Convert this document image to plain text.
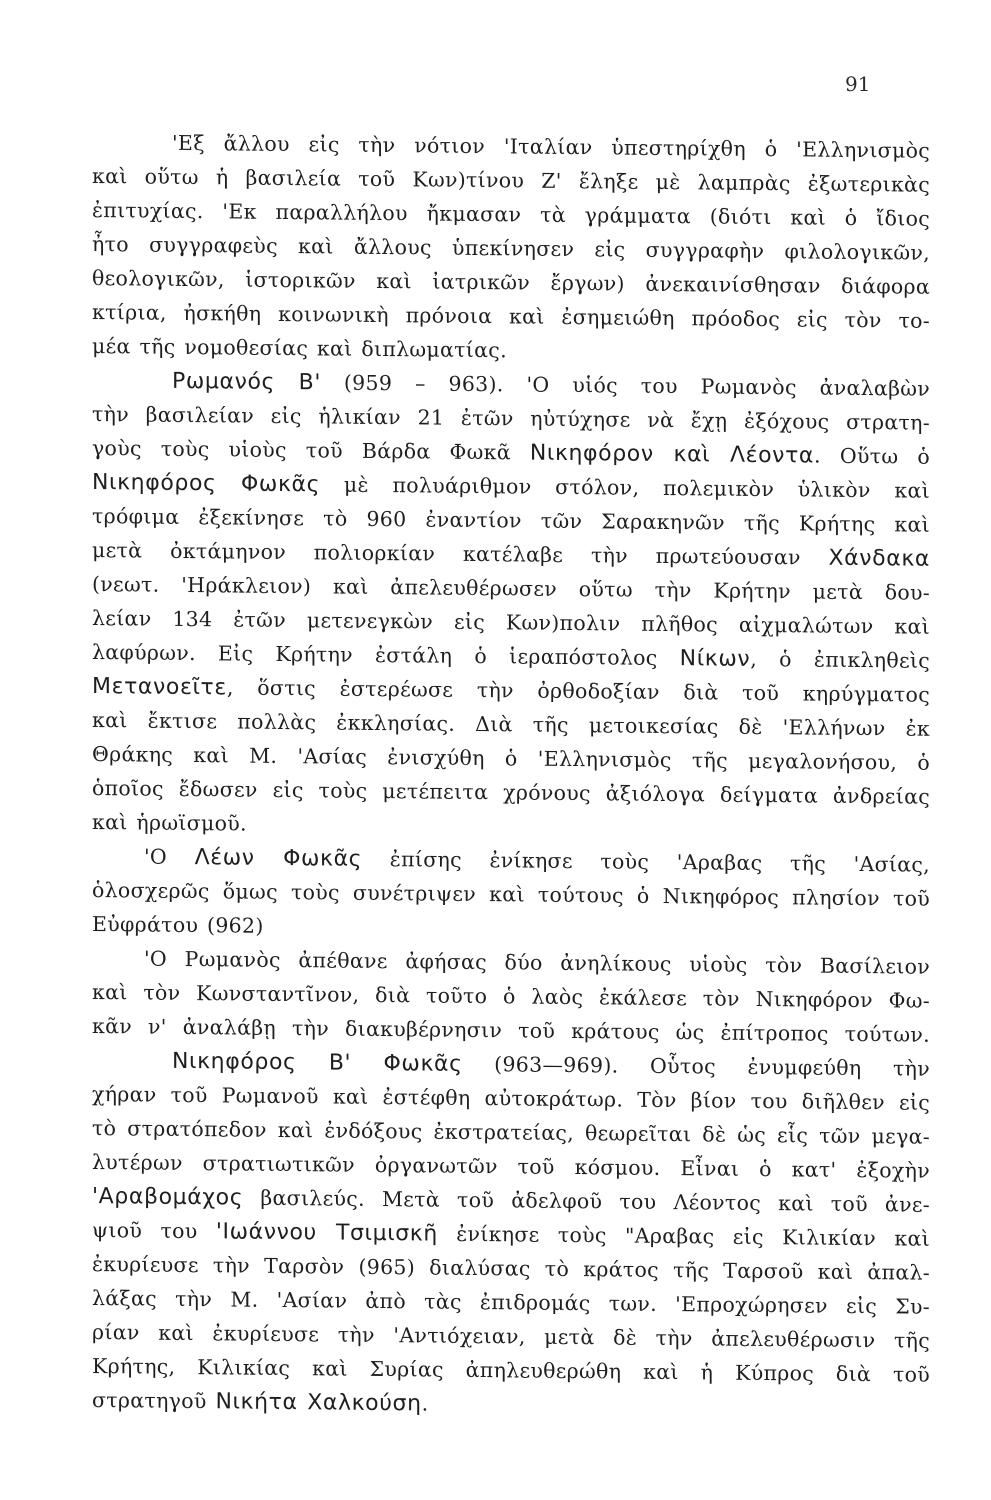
91
'Εξ ἄλλου εἰς τὴν νότιον 'Ιταλίαν ὑπεστηρίχθη ὁ 'Ελληνισμὸς
καὶ οὕτω ἡ βασιλεία τοῦ Κων)τίνου Ζ' ἔληξε μὲ λαμπρὰς ἐξωτερικὰς
ἐπιτυχίας. 'Εκ παραλλήλου ἤκμασαν τὰ γράμματα (διότι καὶ ὁ ἴδιος
ἦτο συγγραφεὺς καὶ ἄλλους ὑπεκίνησεν εἰς συγγραφὴν φιλολογικῶν,
θεολογικῶν, ἱστορικῶν καὶ ἰατρικῶν ἔργων) ἀνεκαινίσθησαν διάφορα
κτίρια, ἠσκήθη κοινωνικὴ πρόνοια καὶ ἐσημειώθη πρόοδος εἰς τὸν το-
μέα τῆς νομοθεσίας καὶ διπλωματίας.
Ρωμανός Β' (959 – 963). 'Ο υἱός του Ρωμανὸς ἀναλαβὼν
τὴν βασιλείαν εἰς ἡλικίαν 21 ἐτῶν ηὐτύχησε νὰ ἔχῃ ἐξόχους στρατη-
γοὺς τοὺς υἱοὺς τοῦ Βάρδα Φωκᾶ Νικηφόρον καὶ Λέοντα. Οὕτω ὁ
Νικηφόρος Φωκᾶς μὲ πολυάριθμον στόλον, πολεμικὸν ὑλικὸν καὶ
τρόφιμα ἐξεκίνησε τὸ 960 ἐναντίον τῶν Σαρακηνῶν τῆς Κρήτης καὶ
μετὰ ὀκτάμηνον πολιορκίαν κατέλαβε τὴν πρωτεύουσαν Χάνδακα
(νεωτ. 'Ηράκλειον) καὶ ἀπελευθέρωσεν οὕτω τὴν Κρήτην μετὰ δου-
λείαν 134 ἐτῶν μετενεγκὼν εἰς Κων)πολιν πλῆθος αἰχμαλώτων καὶ
λαφύρων. Εἰς Κρήτην ἐστάλη ὁ ἱεραπόστολος Νίκων, ὁ ἐπικληθεὶς
Μετανοεῖτε, ὅστις ἐστερέωσε τὴν ὀρθοδοξίαν διὰ τοῦ κηρύγματος
καὶ ἔκτισε πολλὰς ἐκκλησίας. Διὰ τῆς μετοικεσίας δὲ 'Ελλήνων ἐκ
Θράκης καὶ Μ. 'Ασίας ἐνισχύθη ὁ 'Ελληνισμὸς τῆς μεγαλονήσου, ὁ
ὁποῖος ἔδωσεν εἰς τοὺς μετέπειτα χρόνους ἀξιόλογα δείγματα ἀνδρείας
καὶ ἡρωϊσμοῦ.
'Ο Λέων Φωκᾶς ἐπίσης ἐνίκησε τοὺς 'Αραβας τῆς 'Ασίας,
ὁλοσχερῶς ὅμως τοὺς συνέτριψεν καὶ τούτους ὁ Νικηφόρος πλησίον τοῦ
Εὐφράτου (962)
'Ο Ρωμανὸς ἀπέθανε ἀφήσας δύο ἀνηλίκους υἱοὺς τὸν Βασίλειον
καὶ τὸν Κωνσταντῖνον, διὰ τοῦτο ὁ λαὸς ἐκάλεσε τὸν Νικηφόρον Φω-
κᾶν ν' ἀναλάβῃ τὴν διακυβέρνησιν τοῦ κράτους ὡς ἐπίτροπος τούτων.
Νικηφόρος Β' Φωκᾶς (963—969). Οὗτος ἐνυμφεύθη τὴν
χήραν τοῦ Ρωμανοῦ καὶ ἐστέφθη αὐτοκράτωρ. Τὸν βίον του διῆλθεν εἰς
τὸ στρατόπεδον καὶ ἐνδόξους ἐκστρατείας, θεωρεῖται δὲ ὡς εἷς τῶν μεγα-
λυτέρων στρατιωτικῶν ὀργανωτῶν τοῦ κόσμου. Εἶναι ὁ κατ' ἐξοχὴν
'Αραβομάχος βασιλεύς. Μετὰ τοῦ ἀδελφοῦ του Λέοντος καὶ τοῦ ἀνε-
ψιοῦ του 'Ιωάννου Τσιμισκῆ ἐνίκησε τοὺς "Αραβας εἰς Κιλικίαν καὶ
ἐκυρίευσε τὴν Ταρσὸν (965) διαλύσας τὸ κράτος τῆς Ταρσοῦ καὶ ἀπαλ-
λάξας τὴν Μ. 'Ασίαν ἀπὸ τὰς ἐπιδρομάς των. 'Επροχώρησεν εἰς Συ-
ρίαν καὶ ἐκυρίευσε τὴν 'Αντιόχειαν, μετὰ δὲ τὴν ἀπελευθέρωσιν τῆς
Κρήτης, Κιλικίας καὶ Συρίας ἀπηλευθερώθη καὶ ἡ Κύπρος διὰ τοῦ
στρατηγοῦ Νικήτα Χαλκούση.
